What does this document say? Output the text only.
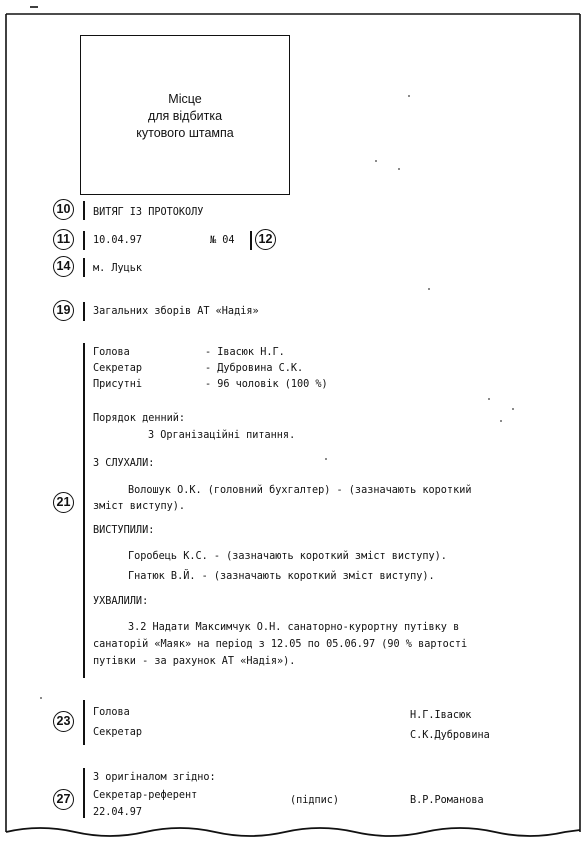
Місце
для відбитка
кутового штампа
10	ВИТЯГ ІЗ ПРОТОКОЛУ
11	10.04.97	№ 04 12
14	м. Луцьк
19	Загальних зборів АТ «Надія»
21
Голова	- Івасюк Н.Г.
Секретар	- Дубровина С.К.
Присутні	- 96 чоловік (100 %)
Порядок денний:
3 Організаційні питання.
3 СЛУХАЛИ:
Волошук О.К. (головний бухгалтер) - (зазначають короткий
зміст виступу).
ВИСТУПИЛИ:
Горобець К.С. - (зазначають короткий зміст виступу).
Гнатюк В.Й. - (зазначають короткий зміст виступу).
УХВАЛИЛИ:
3.2 Надати Максимчук О.Н. санаторно-курортну путівку в
санаторій «Маяк» на період з 12.05 по 05.06.97 (90 % вартості
путівки - за рахунок АТ «Надія»).
23
Голова	Н.Г.Івасюк
Секретар	С.К.Дубровина
27
З оригіналом згідно:
Секретар-референт	(підпис)	В.Р.Романова
22.04.97
